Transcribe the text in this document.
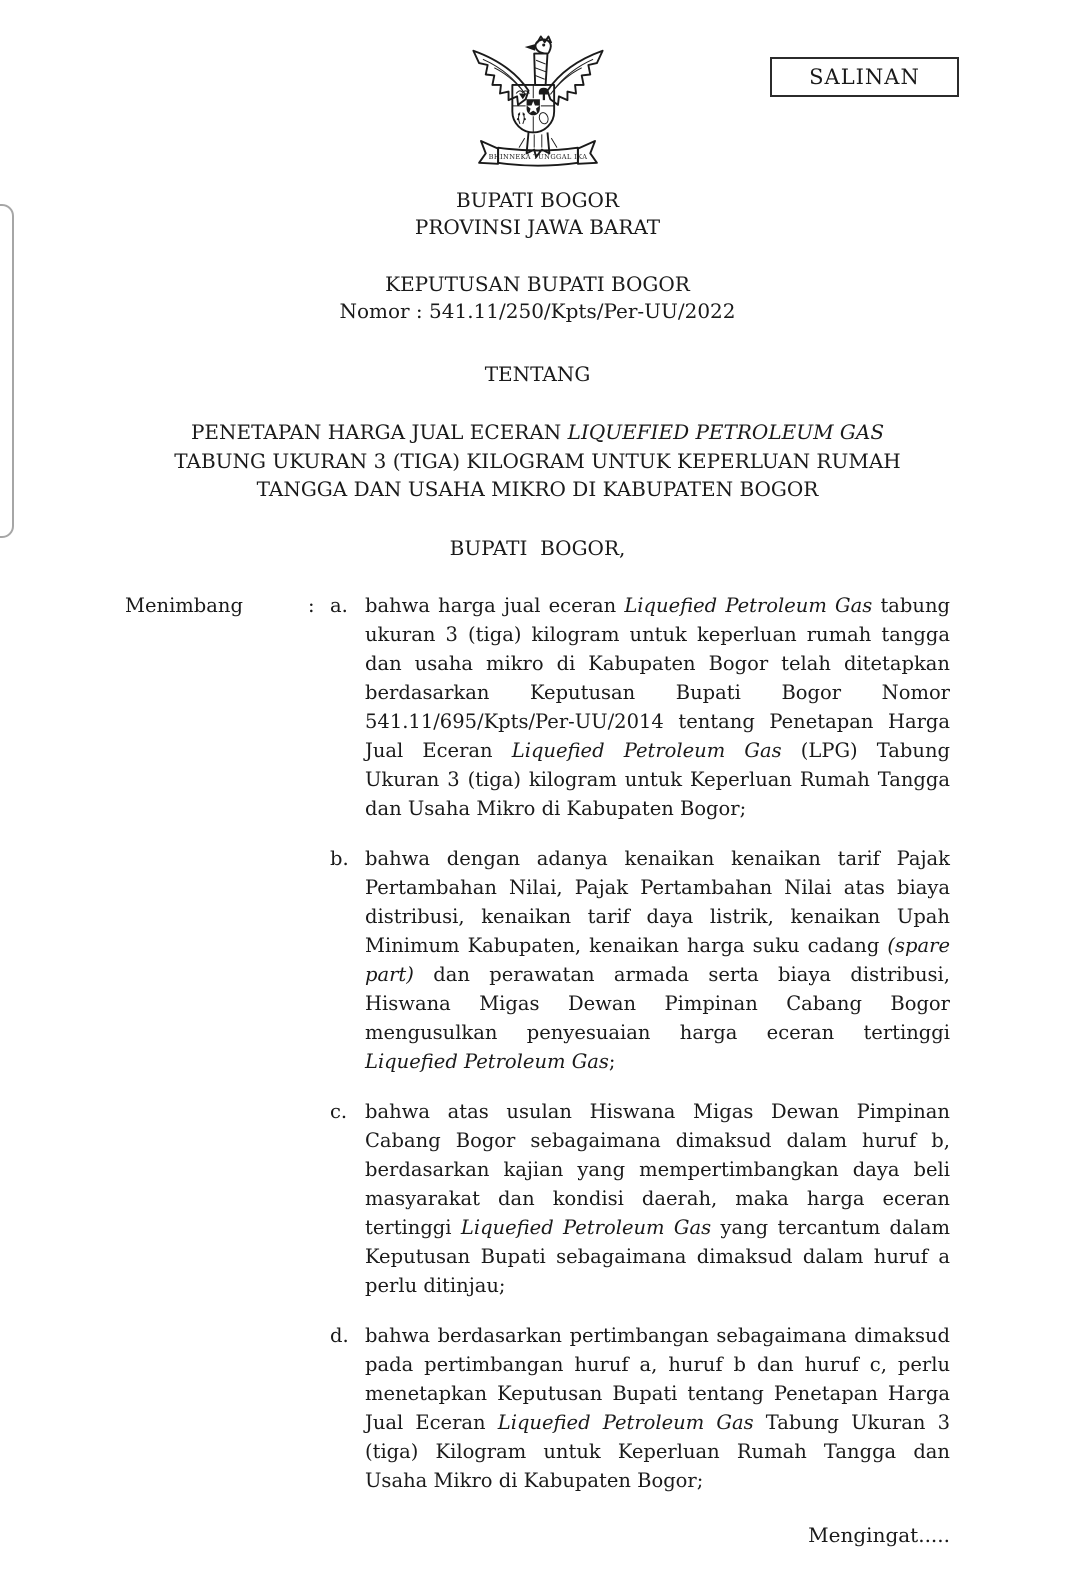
SALINAN
BHINNEKA TUNGGAL IKA
BUPATI BOGOR
PROVINSI JAWA BARAT
KEPUTUSAN BUPATI BOGOR
Nomor : 541.11/250/Kpts/Per-UU/2022
TENTANG
PENETAPAN HARGA JUAL ECERAN LIQUEFIED PETROLEUM GAS TABUNG UKURAN 3 (TIGA) KILOGRAM UNTUK KEPERLUAN RUMAH TANGGA DAN USAHA MIKRO DI KABUPATEN BOGOR
BUPATI  BOGOR,
Menimbang	: a. bahwa harga jual eceran Liquefied Petroleum Gas tabung ukuran 3 (tiga) kilogram untuk keperluan rumah tangga dan usaha mikro di Kabupaten Bogor telah ditetapkan berdasarkan Keputusan Bupati Bogor Nomor 541.11/695/Kpts/Per-UU/2014 tentang Penetapan Harga Jual Eceran Liquefied Petroleum Gas (LPG) Tabung Ukuran 3 (tiga) kilogram untuk Keperluan Rumah Tangga dan Usaha Mikro di Kabupaten Bogor;
b. bahwa dengan adanya kenaikan kenaikan tarif Pajak Pertambahan Nilai, Pajak Pertambahan Nilai atas biaya distribusi, kenaikan tarif daya listrik, kenaikan Upah Minimum Kabupaten, kenaikan harga suku cadang (spare part) dan perawatan armada serta biaya distribusi, Hiswana Migas Dewan Pimpinan Cabang Bogor mengusulkan penyesuaian harga eceran tertinggi Liquefied Petroleum Gas;
c. bahwa atas usulan Hiswana Migas Dewan Pimpinan Cabang Bogor sebagaimana dimaksud dalam huruf b, berdasarkan kajian yang mempertimbangkan daya beli masyarakat dan kondisi daerah, maka harga eceran tertinggi Liquefied Petroleum Gas yang tercantum dalam Keputusan Bupati sebagaimana dimaksud dalam huruf a perlu ditinjau;
d. bahwa berdasarkan pertimbangan sebagaimana dimaksud pada pertimbangan huruf a, huruf b dan huruf c, perlu menetapkan Keputusan Bupati tentang Penetapan Harga Jual Eceran Liquefied Petroleum Gas Tabung Ukuran 3 (tiga) Kilogram untuk Keperluan Rumah Tangga dan Usaha Mikro di Kabupaten Bogor;
Mengingat.....
